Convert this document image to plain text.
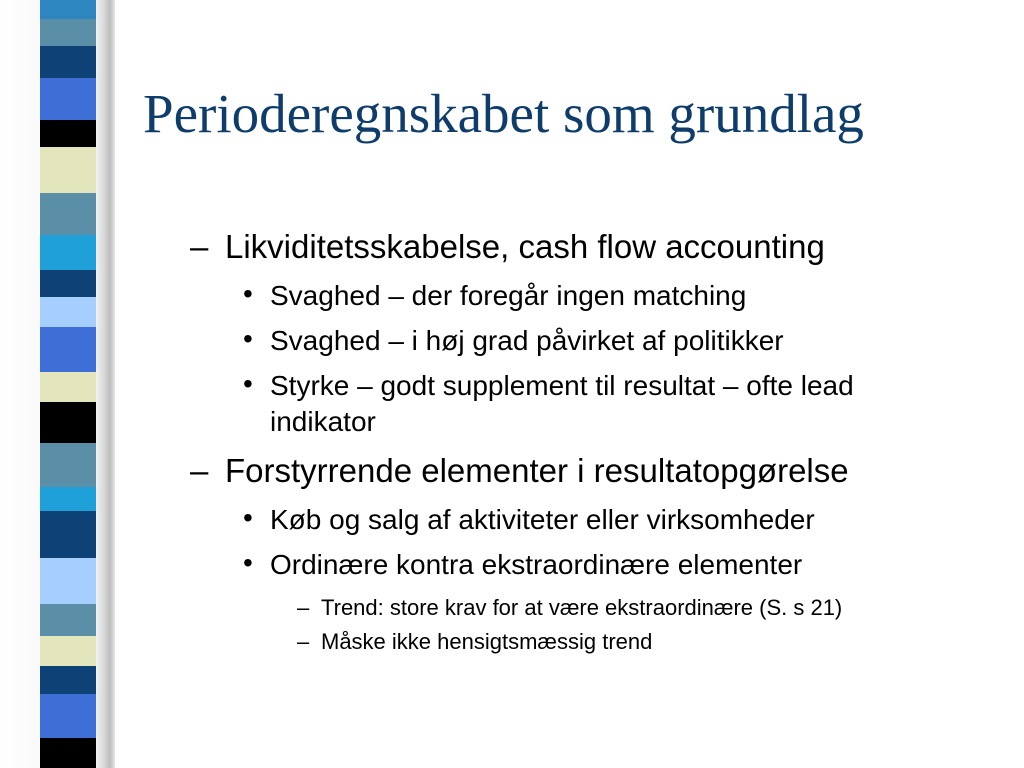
Perioderegnskabet som grundlag
– Likviditetsskabelse, cash flow accounting
• Svaghed – der foregår ingen matching
• Svaghed – i høj grad påvirket af politikker
• Styrke – godt supplement til resultat – ofte lead
indikator
– Forstyrrende elementer i resultatopgørelse
• Køb og salg af aktiviteter eller virksomheder
• Ordinære kontra ekstraordinære elementer
– Trend: store krav for at være ekstraordinære (S. s 21)
– Måske ikke hensigtsmæssig trend
